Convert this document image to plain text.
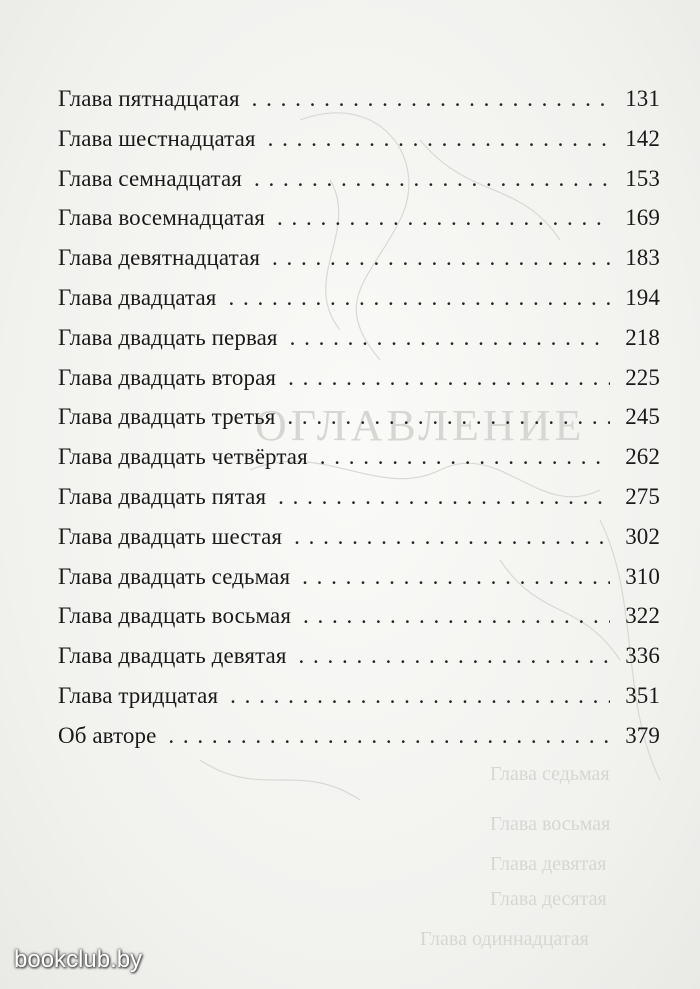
ОГЛАВЛЕНИЕ
Глава седьмая
Глава восьмая
Глава девятая
Глава десятая
Глава одиннадцатая
Глава пятнадцатая . . .	131
Глава шестнадцатая . . .	142
Глава семнадцатая . . .	153
Глава восемнадцатая . . .	169
Глава девятнадцатая . . .	183
Глава двадцатая . . .	194
Глава двадцать первая . . .	218
Глава двадцать вторая . . .	225
Глава двадцать третья . . .	245
Глава двадцать четвёртая . . .	262
Глава двадцать пятая . . .	275
Глава двадцать шестая . . .	302
Глава двадцать седьмая . . .	310
Глава двадцать восьмая . . .	322
Глава двадцать девятая . . .	336
Глава тридцатая . . .	351
Об авторе . . .	379
bookclub.by
